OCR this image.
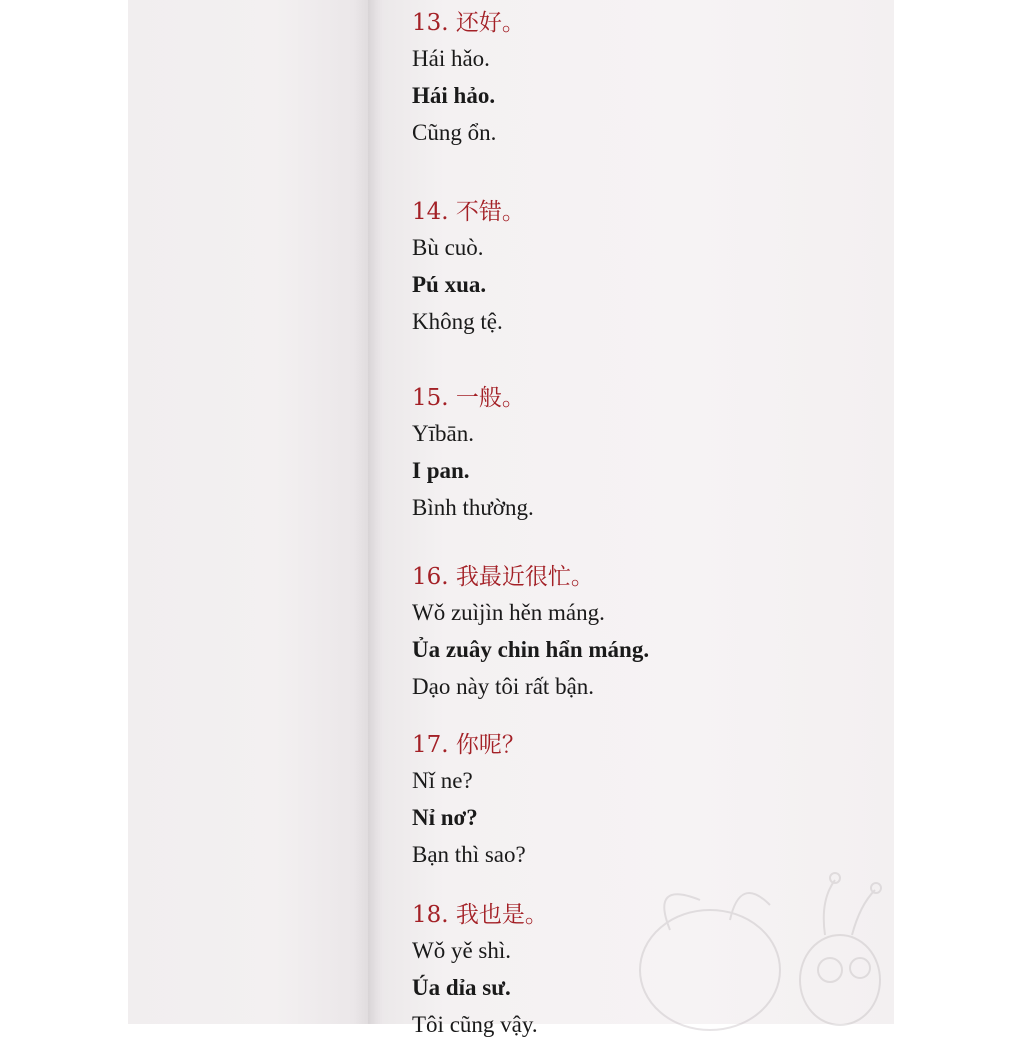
13. 还好。
Hái hǎo.
Hái hảo.
Cũng ổn.
14. 不错。
Bù cuò.
Pú xua.
Không tệ.
15. 一般。
Yībān.
I pan.
Bình thường.
16. 我最近很忙。
Wǒ zuìjìn hěn máng.
Ủa zuây chin hẩn máng.
Dạo này tôi rất bận.
17. 你呢？
Nǐ ne?
Nỉ nơ?
Bạn thì sao?
18. 我也是。
Wǒ yě shì.
Úa dỉa sư.
Tôi cũng vậy.
